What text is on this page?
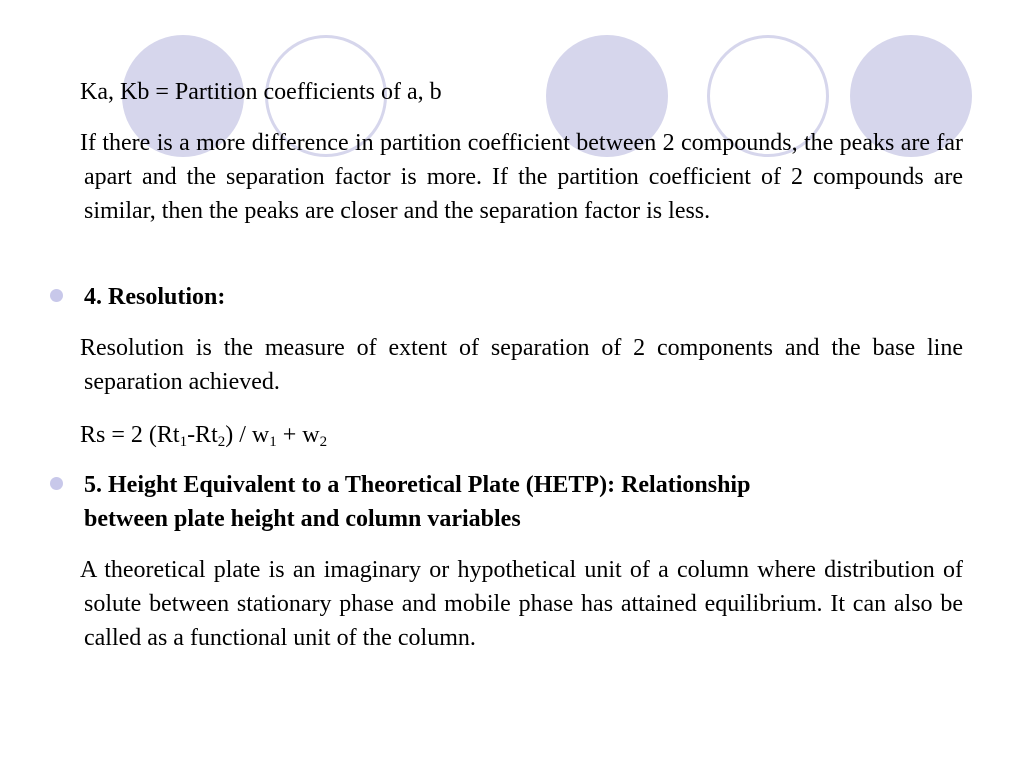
Ka, Kb = Partition coefficients of a, b
If there is a more difference in partition coefficient between 2 compounds, the peaks are far apart and the separation factor is more. If the partition coefficient of 2 compounds are similar, then the peaks are closer and the separation factor is less.
4. Resolution:
Resolution is the measure of extent of separation of 2 components and the base line separation achieved.
Rs = 2 $(Rt_1-Rt_2) / w_1 + w_2$
5. Height Equivalent to a Theoretical Plate (HETP): Relationship
between plate height and column variables
A theoretical plate is an imaginary or hypothetical unit of a column where distribution of solute between stationary phase and mobile phase has attained equilibrium. It can also be called as a functional unit of the column.
